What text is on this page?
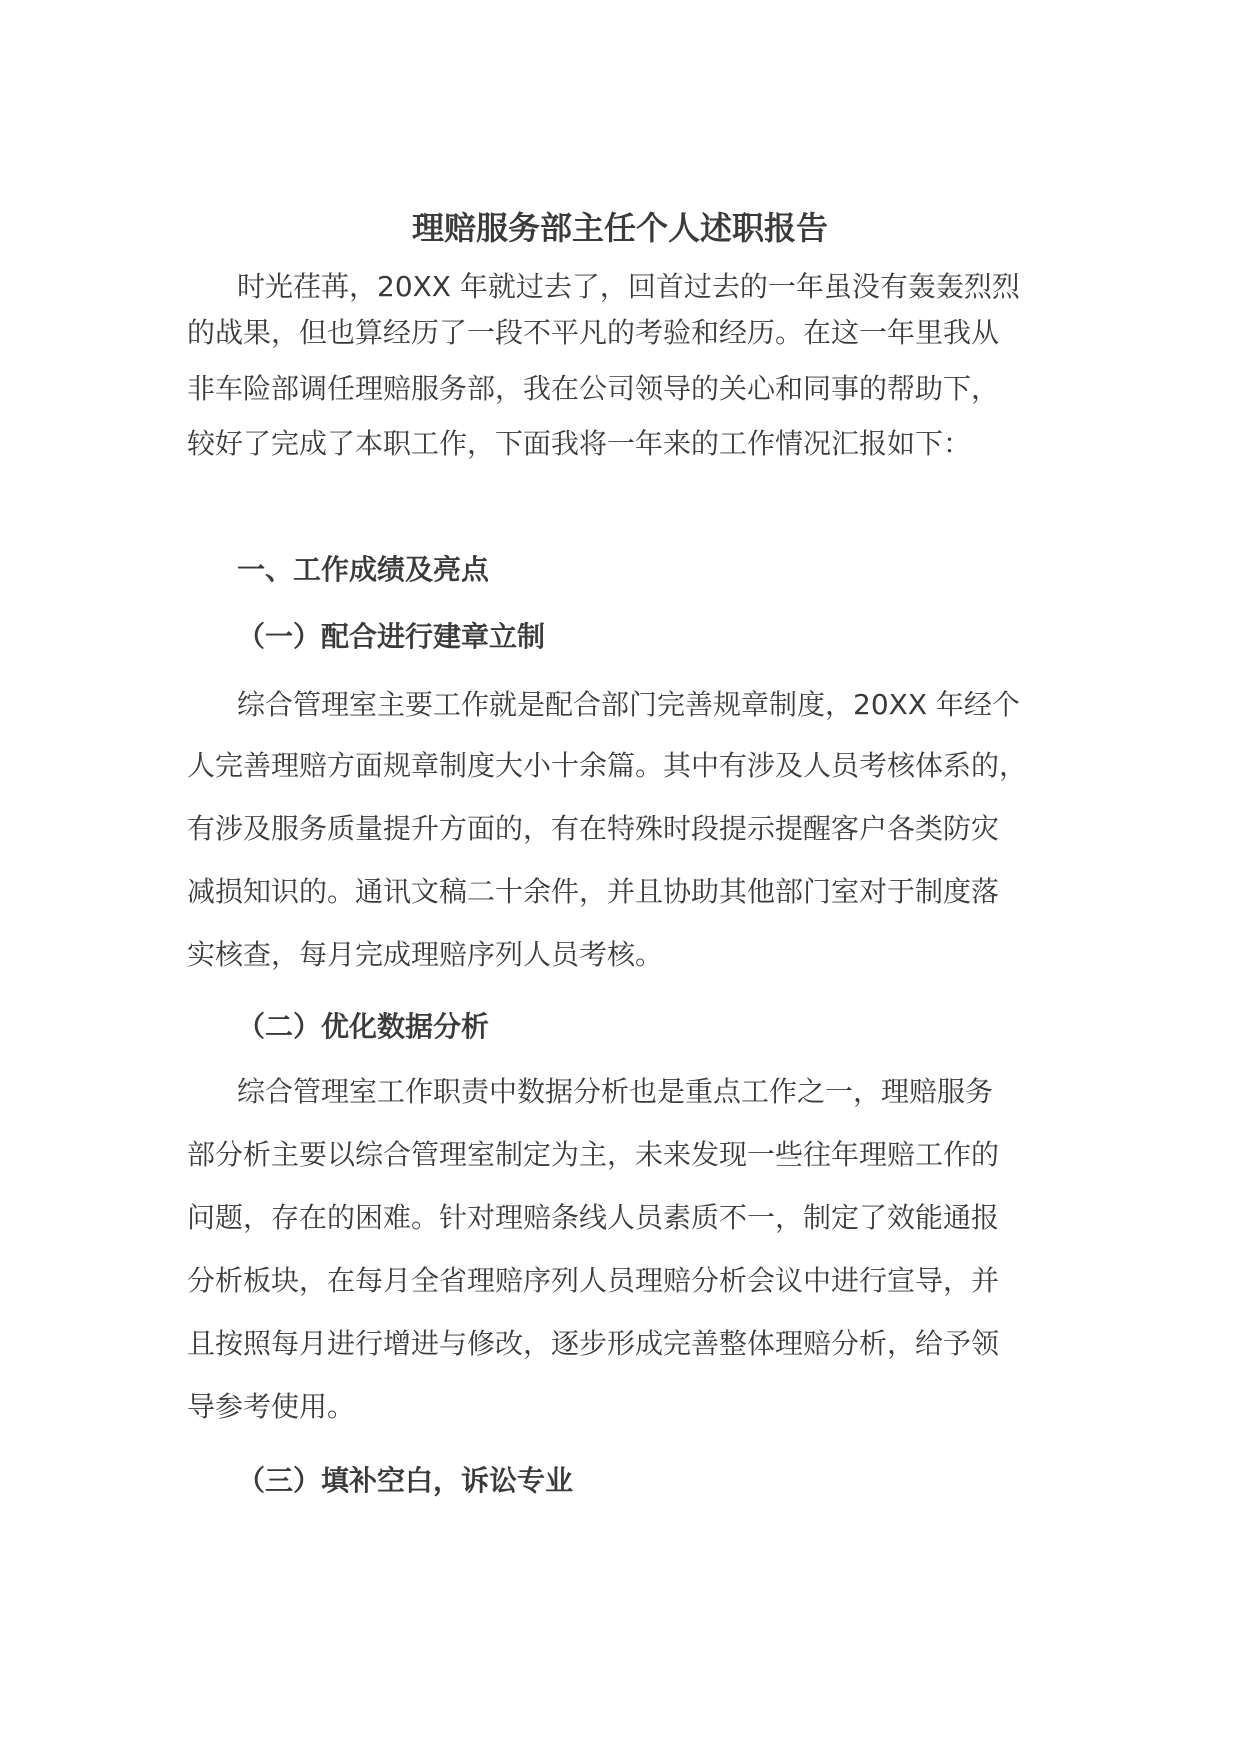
理赔服务部主任个人述职报告
时光荏苒，20XX 年就过去了，回首过去的一年虽没有轰轰烈烈
的战果，但也算经历了一段不平凡的考验和经历。在这一年里我从
非车险部调任理赔服务部，我在公司领导的关心和同事的帮助下，
较好了完成了本职工作，下面我将一年来的工作情况汇报如下：
一、工作成绩及亮点
（一）配合进行建章立制
综合管理室主要工作就是配合部门完善规章制度，20XX 年经个
人完善理赔方面规章制度大小十余篇。其中有涉及人员考核体系的，
有涉及服务质量提升方面的，有在特殊时段提示提醒客户各类防灾
减损知识的。通讯文稿二十余件，并且协助其他部门室对于制度落
实核查，每月完成理赔序列人员考核。
（二）优化数据分析
综合管理室工作职责中数据分析也是重点工作之一，理赔服务
部分析主要以综合管理室制定为主，未来发现一些往年理赔工作的
问题，存在的困难。针对理赔条线人员素质不一，制定了效能通报
分析板块，在每月全省理赔序列人员理赔分析会议中进行宣导，并
且按照每月进行增进与修改，逐步形成完善整体理赔分析，给予领
导参考使用。
（三）填补空白，诉讼专业
